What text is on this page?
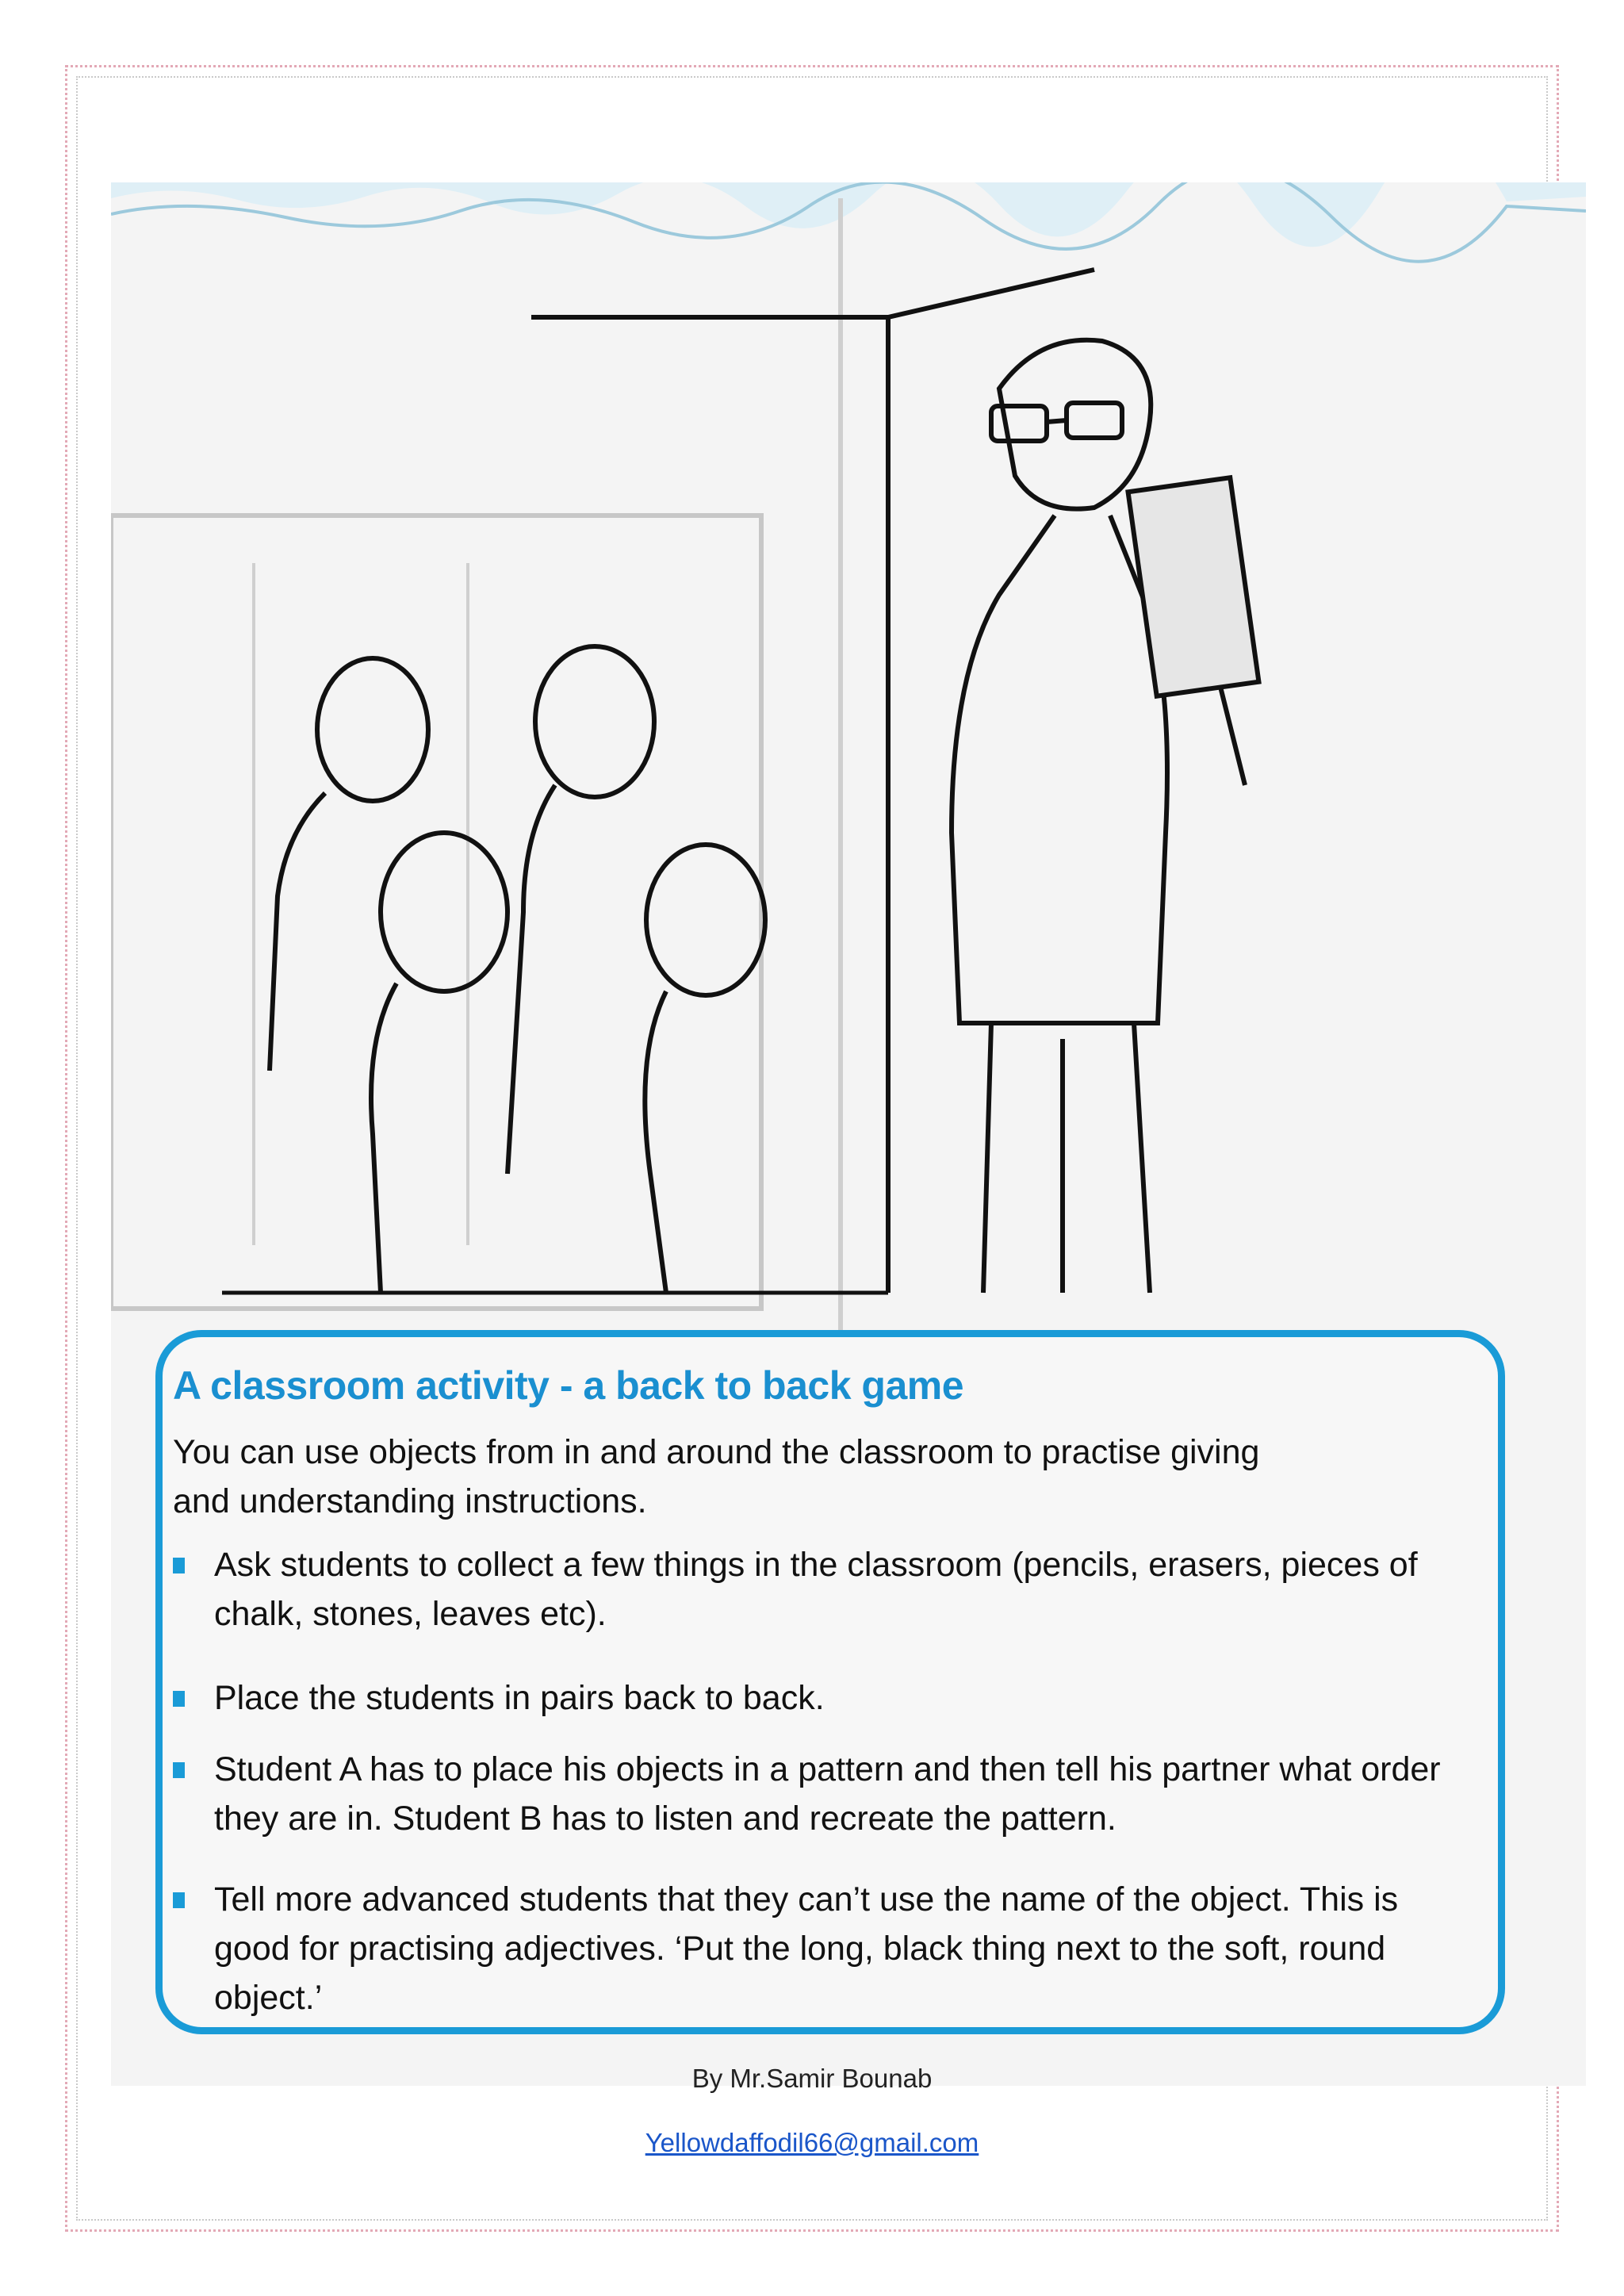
A classroom activity - a back to back game
You can use objects from in and around the classroom to practise giving and understanding instructions.
Ask students to collect a few things in the classroom (pencils, erasers, pieces of chalk, stones, leaves etc).
Place the students in pairs back to back.
Student A has to place his objects in a pattern and then tell his partner what order they are in. Student B has to listen and recreate the pattern.
Tell more advanced students that they can’t use the name of the object. This is good for practising adjectives. ‘Put the long, black thing next to the soft, round object.’
By Mr.Samir Bounab
Yellowdaffodil66@gmail.com
